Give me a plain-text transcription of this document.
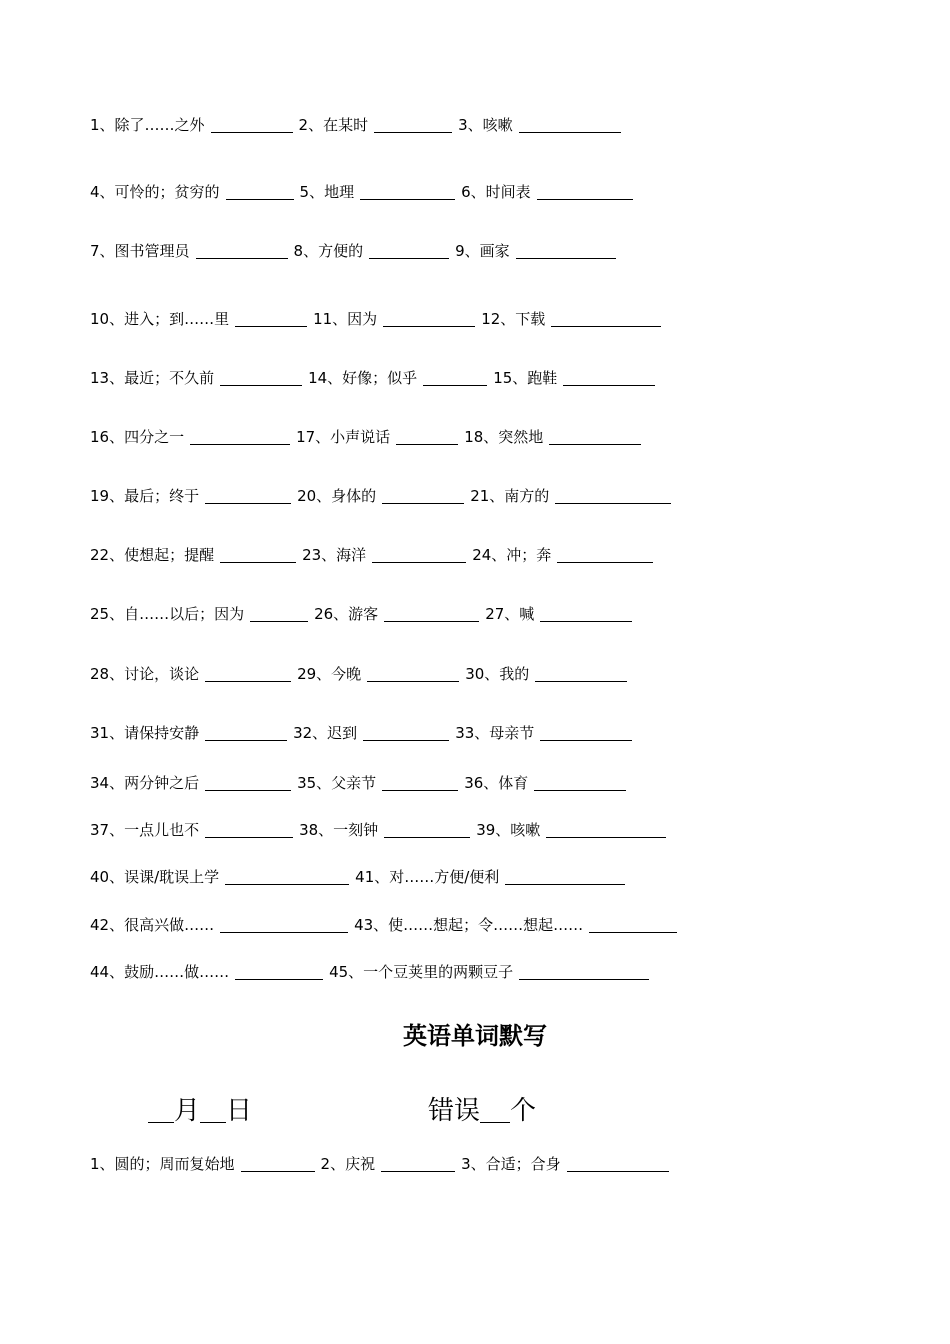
1、除了……之外	2、在某时	3、咳嗽
4、可怜的；贫穷的	5、地理	6、时间表
7、图书管理员	8、方便的	9、画家
10、进入；到……里	11、因为	12、下载
13、最近；不久前	14、好像；似乎	15、跑鞋
16、四分之一	17、小声说话	18、突然地
19、最后；终于	20、身体的	21、南方的
22、使想起；提醒	23、海洋	24、冲；奔
25、自……以后；因为	26、游客	27、喊
28、讨论，谈论	29、今晚	30、我的
31、请保持安静	32、迟到	33、母亲节
34、两分钟之后	35、父亲节	36、体育
37、一点儿也不	38、一刻钟	39、咳嗽
40、误课/耽误上学	41、对……方便/便利
42、很高兴做……	43、使……想起；令……想起……
44、鼓励……做……	45、一个豆荚里的两颗豆子
英语单词默写
月 日	错误 个
1、圆的；周而复始地	2、庆祝	3、合适；合身
